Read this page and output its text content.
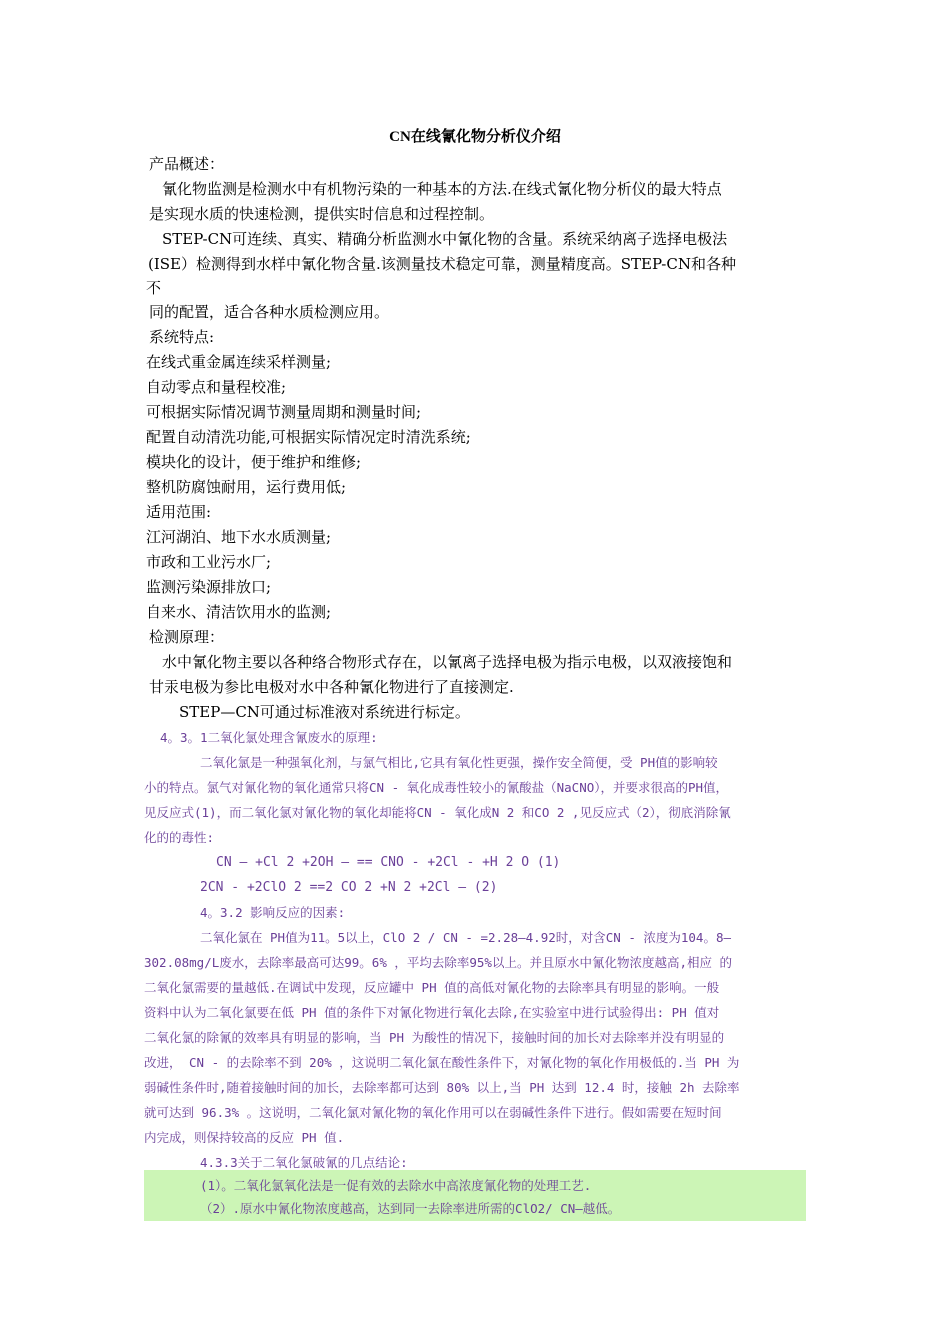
CN在线氰化物分析仪介绍
产品概述：
氰化物监测是检测水中有机物污染的一种基本的方法.在线式氰化物分析仪的最大特点
是实现水质的快速检测，提供实时信息和过程控制。
STEP-CN可连续、真实、精确分析监测水中氰化物的含量。系统采纳离子选择电极法
(ISE）检测得到水样中氰化物含量.该测量技术稳定可靠，测量精度高。STEP-CN和各种
不
同的配置，适合各种水质检测应用。
系统特点:
在线式重金属连续采样测量;
自动零点和量程校准;
可根据实际情况调节测量周期和测量时间;
配置自动清洗功能,可根据实际情况定时清洗系统;
模块化的设计，便于维护和维修;
整机防腐蚀耐用，运行费用低;
适用范围:
江河湖泊、地下水水质测量;
市政和工业污水厂;
监测污染源排放口;
自来水、清洁饮用水的监测;
检测原理：
水中氰化物主要以各种络合物形式存在，以氰离子选择电极为指示电极，以双液接饱和
甘汞电极为参比电极对水中各种氰化物进行了直接测定.
STEP—CN可通过标准液对系统进行标定。
4。3。1二氧化氯处理含氰废水的原理:
二氧化氯是一种强氧化剂，与氯气相比,它具有氧化性更强，操作安全简便，受 PH值的影响较
小的特点。氯气对氰化物的氧化通常只将CN - 氧化成毒性较小的氰酸盐（NaCNO），并要求很高的PH值，
见反应式(1)，而二氧化氯对氰化物的氧化却能将CN - 氧化成N 2 和CO 2 ,见反应式（2），彻底消除氰
化的的毒性:
CN — +Cl 2 +2OH — == CNO - +2Cl - +H 2 O (1)
2CN - +2ClO 2 ==2 CO 2 +N 2 +2Cl — (2)
4。3.2 影响反应的因素:
二氧化氯在 PH值为11。5以上，ClO 2 / CN - =2.28—4.92时，对含CN - 浓度为104。8—
302.08mg/L废水，去除率最高可达99。6% ，平均去除率95%以上。并且原水中氰化物浓度越高,相应 的
二氧化氯需要的量越低.在调试中发现，反应罐中 PH 值的高低对氰化物的去除率具有明显的影响。一般
资料中认为二氧化氯要在低 PH 值的条件下对氰化物进行氧化去除,在实验室中进行试验得出: PH 值对
二氧化氯的除氰的效率具有明显的影响，当 PH 为酸性的情况下，接触时间的加长对去除率并没有明显的
改进， CN - 的去除率不到 20% ，这说明二氧化氯在酸性条件下，对氰化物的氧化作用极低的.当 PH 为
弱碱性条件时,随着接触时间的加长，去除率都可达到 80% 以上,当 PH 达到 12.4 时，接触 2h 去除率
就可达到 96.3% 。这说明，二氧化氯对氰化物的氧化作用可以在弱碱性条件下进行。假如需要在短时间
内完成，则保持较高的反应 PH 值.
4.3.3关于二氧化氯破氰的几点结论:
(1）。二氧化氯氧化法是一促有效的去除水中高浓度氰化物的处理工艺.
（2）.原水中氰化物浓度越高，达到同一去除率进所需的ClO2/ CN—越低。
